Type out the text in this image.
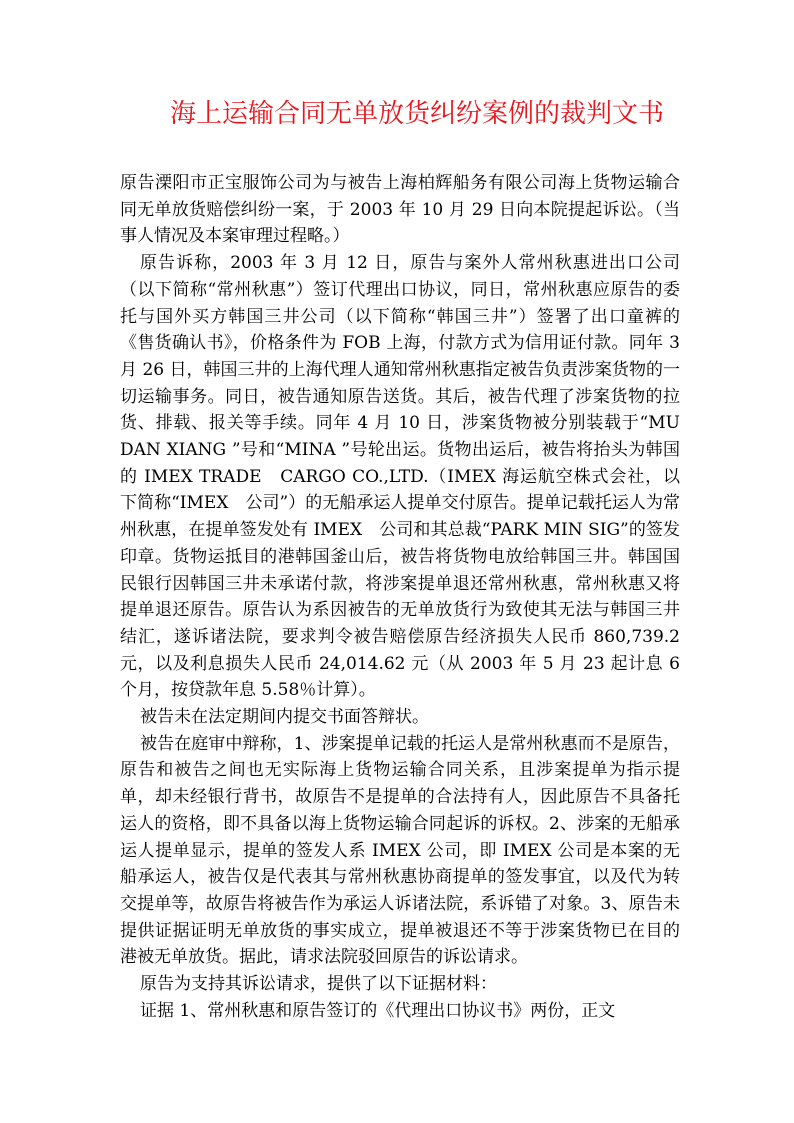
海上运输合同无单放货纠纷案例的裁判文书

原告溧阳市正宝服饰公司为与被告上海柏辉船务有限公司海上货物运输合同无单放货赔偿纠纷一案，于 2003 年 10 月 29 日向本院提起诉讼。（当事人情况及本案审理过程略。）

原告诉称，2003 年 3 月 12 日，原告与案外人常州秋惠进出口公司（以下简称“常州秋惠”）签订代理出口协议，同日，常州秋惠应原告的委托与国外买方韩国三井公司（以下简称“韩国三井”）签署了出口童裤的《售货确认书》，价格条件为 FOB 上海，付款方式为信用证付款。同年 3 月 26 日，韩国三井的上海代理人通知常州秋惠指定被告负责涉案货物的一切运输事务。同日，被告通知原告送货。其后，被告代理了涉案货物的拉货、排载、报关等手续。同年 4 月 10 日，涉案货物被分别装载于“MU DAN XIANG ”号和“MINA ”号轮出运。货物出运后，被告将抬头为韩国的 IMEX TRADE　CARGO CO.,LTD.（IMEX 海运航空株式会社，以下简称“IMEX　公司”）的无船承运人提单交付原告。提单记载托运人为常州秋惠，在提单签发处有 IMEX　公司和其总裁“PARK MIN SIG”的签发印章。货物运抵目的港韩国釜山后，被告将货物电放给韩国三井。韩国国民银行因韩国三井未承诺付款，将涉案提单退还常州秋惠，常州秋惠又将提单退还原告。原告认为系因被告的无单放货行为致使其无法与韩国三井结汇，遂诉诸法院，要求判令被告赔偿原告经济损失人民币 860,739.2 元，以及利息损失人民币 24,014.62 元（从 2003 年 5 月 23 起计息 6 个月，按贷款年息 5.58％计算）。

被告未在法定期间内提交书面答辩状。

被告在庭审中辩称，1、涉案提单记载的托运人是常州秋惠而不是原告，原告和被告之间也无实际海上货物运输合同关系，且涉案提单为指示提单，却未经银行背书，故原告不是提单的合法持有人，因此原告不具备托运人的资格，即不具备以海上货物运输合同起诉的诉权。2、涉案的无船承运人提单显示，提单的签发人系 IMEX 公司，即 IMEX 公司是本案的无船承运人，被告仅是代表其与常州秋惠协商提单的签发事宜，以及代为转交提单等，故原告将被告作为承运人诉诸法院，系诉错了对象。3、原告未提供证据证明无单放货的事实成立，提单被退还不等于涉案货物已在目的港被无单放货。据此，请求法院驳回原告的诉讼请求。

原告为支持其诉讼请求，提供了以下证据材料：

证据 1、常州秋惠和原告签订的《代理出口协议书》两份，正文
